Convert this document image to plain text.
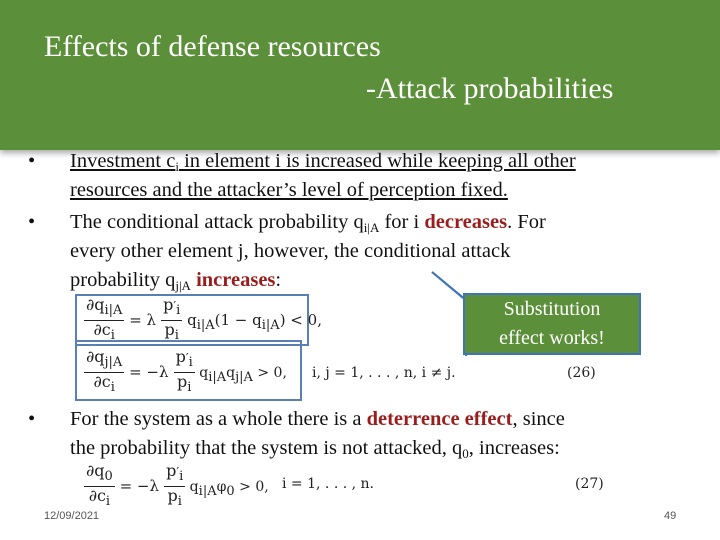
Effects of defense resources
-Attack probabilities
•	Investment $c_i$ in element i is increased while keeping all other
resources and the attacker’s level of perception fixed.
•	The conditional attack probability $q_{i|A}$ for i decreases. For
every other element j, however, the conditional attack
probability $q_{j|A}$ increases:
•	For the system as a whole there is a deterrence effect, since
the probability that the system is not attacked, $q_0$, increases:
Substitution
effect works!
$\frac{\partial q_{i|A}}{\partial c_i} = \lambda \frac{p'_i}{p_i} qi|A(1 - qi|A) < 0$,
$\frac{\partial q_{j|A}}{\partial c_i} = -\lambda \frac{p'_i}{p_i} qi|Aqj|A > 0$, i, j = 1, . . . , n, i ≠ j.	(26)
$\frac{\partial q_0}{\partial c_i} = -\lambda \frac{p'_i}{p_i} qi|A\varphi 0 > 0$, i = 1, . . . , n.	(27)
12/09/2021	49
